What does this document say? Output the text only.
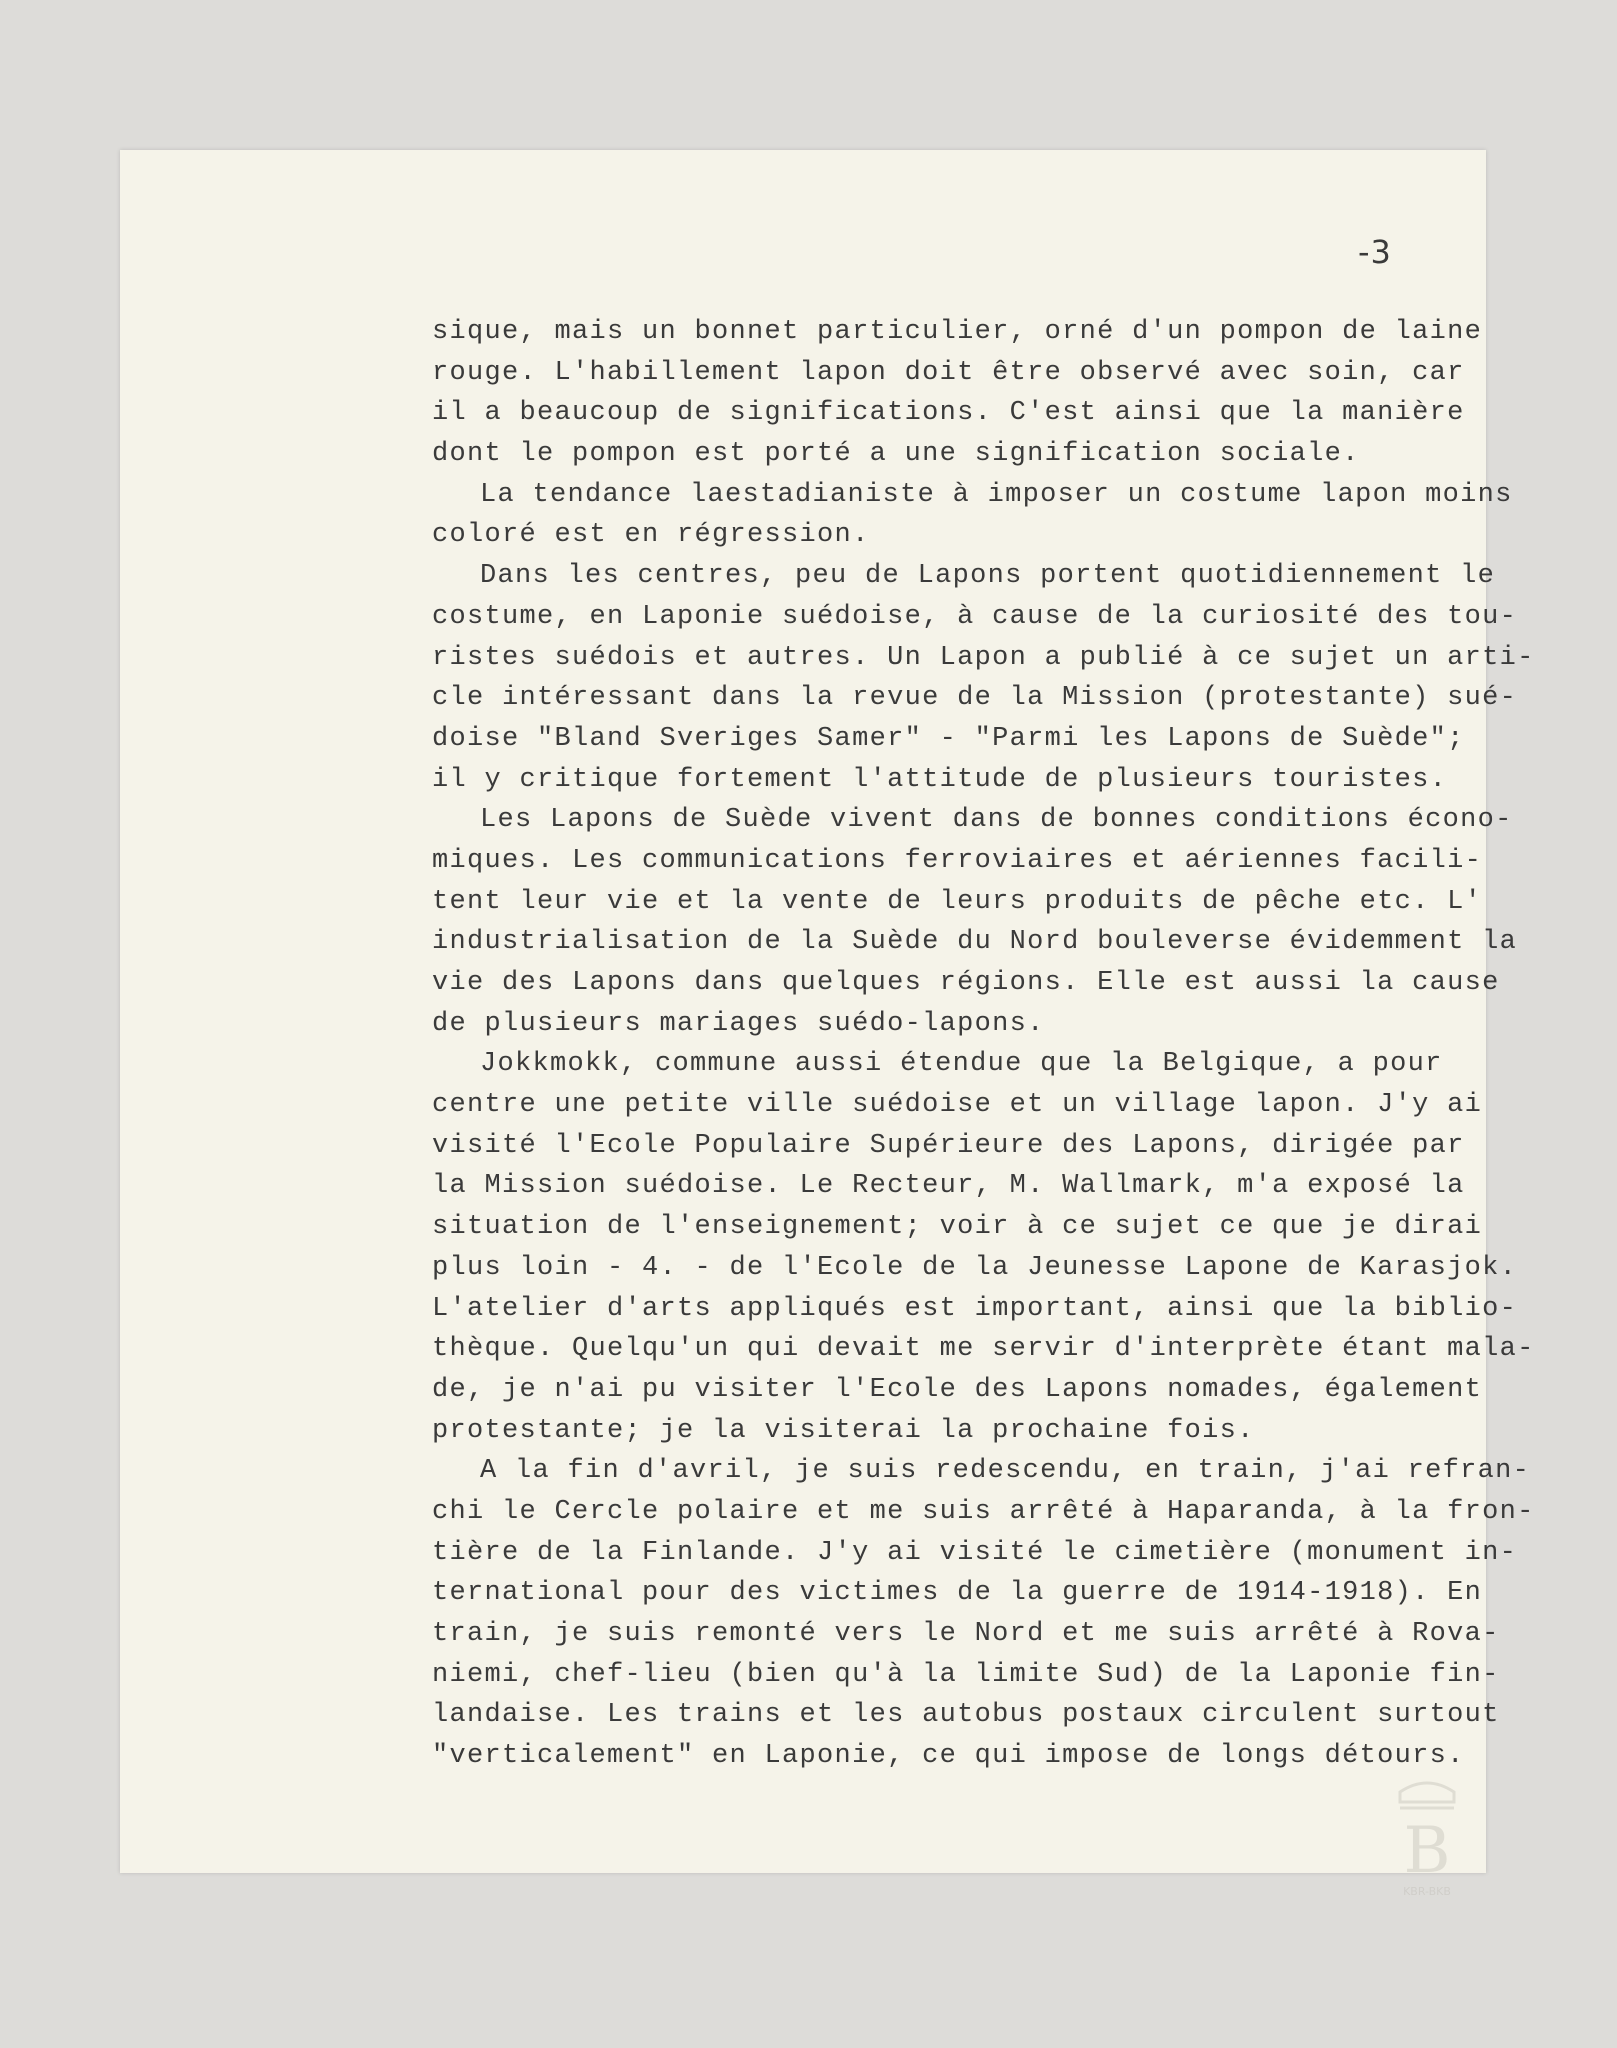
-3
sique, mais un bonnet particulier, orné d'un pompon de laine
rouge. L'habillement lapon doit être observé avec soin, car
il a beaucoup de significations. C'est ainsi que la manière
dont le pompon est porté a une signification sociale.
La tendance laestadianiste à imposer un costume lapon moins
coloré est en régression.
Dans les centres, peu de Lapons portent quotidiennement le
costume, en Laponie suédoise, à cause de la curiosité des tou-
ristes suédois et autres. Un Lapon a publié à ce sujet un arti-
cle intéressant dans la revue de la Mission (protestante) sué-
doise "Bland Sveriges Samer" - "Parmi les Lapons de Suède";
il y critique fortement l'attitude de plusieurs touristes.
Les Lapons de Suède vivent dans de bonnes conditions écono-
miques. Les communications ferroviaires et aériennes facili-
tent leur vie et la vente de leurs produits de pêche etc. L'
industrialisation de la Suède du Nord bouleverse évidemment la
vie des Lapons dans quelques régions. Elle est aussi la cause
de plusieurs mariages suédo-lapons.
Jokkmokk, commune aussi étendue que la Belgique, a pour
centre une petite ville suédoise et un village lapon. J'y ai
visité l'Ecole Populaire Supérieure des Lapons, dirigée par
la Mission suédoise. Le Recteur, M. Wallmark, m'a exposé la
situation de l'enseignement; voir à ce sujet ce que je dirai
plus loin - 4. - de l'Ecole de la Jeunesse Lapone de Karasjok.
L'atelier d'arts appliqués est important, ainsi que la biblio-
thèque. Quelqu'un qui devait me servir d'interprète étant mala-
de, je n'ai pu visiter l'Ecole des Lapons nomades, également
protestante; je la visiterai la prochaine fois.
A la fin d'avril, je suis redescendu, en train, j'ai refran-
chi le Cercle polaire et me suis arrêté à Haparanda, à la fron-
tière de la Finlande. J'y ai visité le cimetière (monument in-
ternational pour des victimes de la guerre de 1914-1918). En
train, je suis remonté vers le Nord et me suis arrêté à Rova-
niemi, chef-lieu (bien qu'à la limite Sud) de la Laponie fin-
landaise. Les trains et les autobus postaux circulent surtout
"verticalement" en Laponie, ce qui impose de longs détours.
B
KBR-BKB
